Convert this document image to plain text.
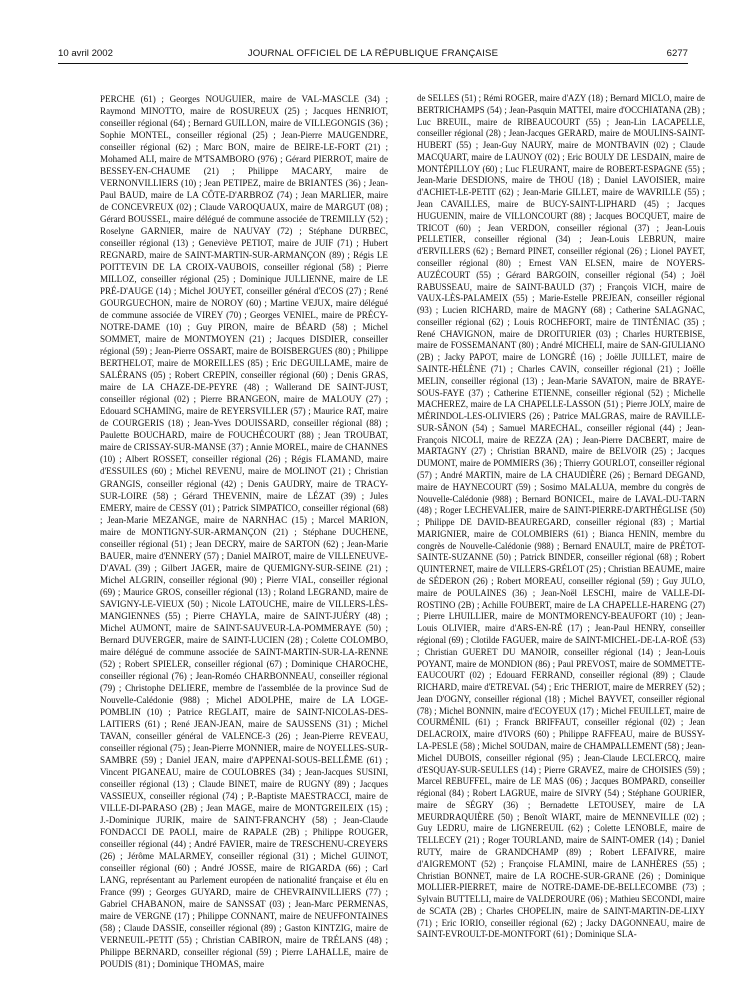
10 avril 2002	JOURNAL OFFICIEL DE LA RÉPUBLIQUE FRANÇAISE	6277

PERCHE (61) ; Georges NOUGUIER, maire de VAL-MASCLE (34) ; Raymond MINOTTO, maire de ROSUREUX (25) ; Jacques HENRIOT, conseiller régional (64) ; Bernard GUILLON, maire de VILLEGONGIS (36) ; Sophie MONTEL, conseiller régional (25) ; Jean-Pierre MAUGENDRE, conseiller régional (62) ; Marc BON, maire de BEIRE-LE-FORT (21) ; Mohamed ALI, maire de M'TSAMBORO (976) ; Gérard PIERROT, maire de BESSEY-EN-CHAUME (21) ; Philippe MACARY, maire de VERNONVILLIERS (10) ; Jean PETIPEZ, maire de BRIANTES (36) ; Jean-Paul BAUD, maire de LA CÔTE-D'ARBROZ (74) ; Jean MARLIER, maire de CONCEVREUX (02) ; Claude VAROQUAUX, maire de MARGUT (08) ; Gérard BOUSSEL, maire délégué de commune associée de TREMILLY (52) ; Roselyne GARNIER, maire de NAUVAY (72) ; Stéphane DURBEC, conseiller régional (13) ; Geneviève PETIOT, maire de JUIF (71) ; Hubert REGNARD, maire de SAINT-MARTIN-SUR-ARMANÇON (89) ; Régis LE POITTEVIN DE LA CROIX-VAUBOIS, conseiller régional (58) ; Pierre MILLOZ, conseiller régional (25) ; Dominique JULLIENNE, maire de LE PRÉ-D'AUGE (14) ; Michel JOUYET, conseiller général d'ECOS (27) ; René GOURGUECHON, maire de NOROY (60) ; Martine VEJUX, maire délégué de commune associée de VIREY (70) ; Georges VENIEL, maire de PRÉCY-NOTRE-DAME (10) ; Guy PIRON, maire de BÉARD (58) ; Michel SOMMET, maire de MONTMOYEN (21) ; Jacques DISDIER, conseiller régional (59) ; Jean-Pierre OSSART, maire de BOISBERGUES (80) ; Philippe BERTHELOT, maire de MOREILLES (85) ; Eric DEGUILLAME, maire de SALÉRANS (05) ; Robert CREPIN, conseiller régional (60) ; Denis GRAS, maire de LA CHAZE-DE-PEYRE (48) ; Wallerand DE SAINT-JUST, conseiller régional (02) ; Pierre BRANGEON, maire de MALOUY (27) ; Edouard SCHAMING, maire de REYERSVILLER (57) ; Maurice RAT, maire de COURGERIS (18) ; Jean-Yves DOUISSARD, conseiller régional (88) ; Paulette BOUCHARD, maire de FOUCHÉCOURT (88) ; Jean TROUBAT, maire de CRISSAY-SUR-MANSE (37) ; Annie MOREL, maire de CHANNES (10) ; Albert ROSSET, conseiller régional (26) ; Régis FLAMAND, maire d'ESSUILES (60) ; Michel REVENU, maire de MOLINOT (21) ; Christian GRANGIS, conseiller régional (42) ; Denis GAUDRY, maire de TRACY-SUR-LOIRE (58) ; Gérard THEVENIN, maire de LÉZAT (39) ; Jules EMERY, maire de CESSY (01) ; Patrick SIMPATICO, conseiller régional (68) ; Jean-Marie MEZANGE, maire de NARNHAC (15) ; Marcel MARION, maire de MONTIGNY-SUR-ARMANÇON (21) ; Stéphane DUCHENE, conseiller régional (51) ; Jean DECRY, maire de SARTON (62) ; Jean-Marie BAUER, maire d'ENNERY (57) ; Daniel MAIROT, maire de VILLENEUVE-D'AVAL (39) ; Gilbert JAGER, maire de QUEMIGNY-SUR-SEINE (21) ; Michel ALGRIN, conseiller régional (90) ; Pierre VIAL, conseiller régional (69) ; Maurice GROS, conseiller régional (13) ; Roland LEGRAND, maire de SAVIGNY-LE-VIEUX (50) ; Nicole LATOUCHE, maire de VILLERS-LÈS-MANGIENNES (55) ; Pierre CHAYLA, maire de SAINT-JUÉRY (48) ; Michel AUMONT, maire de SAINT-SAUVEUR-LA-POMMERAYE (50) ; Bernard DUVERGER, maire de SAINT-LUCIEN (28) ; Colette COLOMBO, maire délégué de commune associée de SAINT-MARTIN-SUR-LA-RENNE (52) ; Robert SPIELER, conseiller régional (67) ; Dominique CHAROCHE, conseiller régional (76) ; Jean-Roméo CHARBONNEAU, conseiller régional (79) ; Christophe DELIERE, membre de l'assemblée de la province Sud de Nouvelle-Calédonie (988) ; Michel ADOLPHE, maire de LA LOGE-POMBLIN (10) ; Patrice REGLAIT, maire de SAINT-NICOLAS-DES-LAITIERS (61) ; René JEAN-JEAN, maire de SAUSSENS (31) ; Michel TAVAN, conseiller général de VALENCE-3 (26) ; Jean-Pierre REVEAU, conseiller régional (75) ; Jean-Pierre MONNIER, maire de NOYELLES-SUR-SAMBRE (59) ; Daniel JEAN, maire d'APPENAI-SOUS-BELLÊME (61) ; Vincent PIGANEAU, maire de COULOBRES (34) ; Jean-Jacques SUSINI, conseiller régional (13) ; Claude BINET, maire de RUGNY (89) ; Jacques VASSIEUX, conseiller régional (74) ; P.-Baptiste MAESTRACCI, maire de VILLE-DI-PARASO (2B) ; Jean MAGE, maire de MONTGREILEIX (15) ; J.-Dominique JURIK, maire de SAINT-FRANCHY (58) ; Jean-Claude FONDACCI DE PAOLI, maire de RAPALE (2B) ; Philippe ROUGER, conseiller régional (44) ; André FAVIER, maire de TRESCHENU-CREYERS (26) ; Jérôme MALARMEY, conseiller régional (31) ; Michel GUINOT, conseiller régional (60) ; André JOSSE, maire de RIGARDA (66) ; Carl LANG, représentant au Parlement européen de nationalité française et élu en France (99) ; Georges GUYARD, maire de CHEVRAINVILLIERS (77) ; Gabriel CHABANON, maire de SANSSAT (03) ; Jean-Marc PERMENAS, maire de VERGNE (17) ; Philippe CONNANT, maire de NEUFFONTAINES (58) ; Claude DASSIE, conseiller régional (89) ; Gaston KINTZIG, maire de VERNEUIL-PETIT (55) ; Christian CABIRON, maire de TRÉLANS (48) ; Philippe BERNARD, conseiller régional (59) ; Pierre LAHALLE, maire de POUDIS (81) ; Dominique THOMAS, maire

de SELLES (51) ; Rémi ROGER, maire d'AZY (18) ; Bernard MICLO, maire de BERTRICHAMPS (54) ; Jean-Pasquin MATTEI, maire d'OCCHIATANA (2B) ; Luc BREUIL, maire de RIBEAUCOURT (55) ; Jean-Lin LACAPELLE, conseiller régional (28) ; Jean-Jacques GERARD, maire de MOULINS-SAINT-HUBERT (55) ; Jean-Guy NAURY, maire de MONTBAVIN (02) ; Claude MACQUART, maire de LAUNOY (02) ; Eric BOULY DE LESDAIN, maire de MONTÉPILLOY (60) ; Luc FLEURANT, maire de ROBERT-ESPAGNE (55) ; Jean-Marie DESDIONS, maire de THOU (18) ; Daniel LAVOISIER, maire d'ACHIET-LE-PETIT (62) ; Jean-Marie GILLET, maire de WAVRILLE (55) ; Jean CAVAILLES, maire de BUCY-SAINT-LIPHARD (45) ; Jacques HUGUENIN, maire de VILLONCOURT (88) ; Jacques BOCQUET, maire de TRICOT (60) ; Jean VERDON, conseiller régional (37) ; Jean-Louis PELLETIER, conseiller régional (34) ; Jean-Louis LEBRUN, maire d'ERVILLERS (62) ; Bernard PINET, conseiller régional (26) ; Lionel PAYET, conseiller régional (80) ; Ernest VAN ELSEN, maire de NOYERS-AUZÉCOURT (55) ; Gérard BARGOIN, conseiller régional (54) ; Joël RABUSSEAU, maire de SAINT-BAULD (37) ; François VICH, maire de VAUX-LÈS-PALAMEIX (55) ; Marie-Estelle PREJEAN, conseiller régional (93) ; Lucien RICHARD, maire de MAGNY (68) ; Catherine SALAGNAC, conseiller régional (62) ; Louis ROCHEFORT, maire de TINTÉNIAC (35) ; René CHAVIGNON, maire de DROITURIER (03) ; Charles HURTEBISE, maire de FOSSEMANANT (80) ; André MICHELI, maire de SAN-GIULIANO (2B) ; Jacky PAPOT, maire de LONGRÉ (16) ; Joëlle JUILLET, maire de SAINTE-HÉLÈNE (71) ; Charles CAVIN, conseiller régional (21) ; Joëlle MELIN, conseiller régional (13) ; Jean-Marie SAVATON, maire de BRAYE-SOUS-FAYE (37) ; Catherine ETIENNE, conseiller régional (52) ; Michelle MACHEREZ, maire de LA CHAPELLE-LASSON (51) ; Pierre JOLY, maire de MÉRINDOL-LES-OLIVIERS (26) ; Patrice MALGRAS, maire de RAVILLE-SUR-SÂNON (54) ; Samuel MARECHAL, conseiller régional (44) ; Jean-François NICOLI, maire de REZZA (2A) ; Jean-Pierre DACBERT, maire de MARTAGNY (27) ; Christian BRAND, maire de BELVOIR (25) ; Jacques DUMONT, maire de POMMIERS (36) ; Thierry GOURLOT, conseiller régional (57) ; André MARTIN, maire de LA CHAUDIÈRE (26) ; Bernard DEGAND, maire de HAYNECOURT (59) ; Sosimo MALALUA, membre du congrès de Nouvelle-Calédonie (988) ; Bernard BONICEL, maire de LAVAL-DU-TARN (48) ; Roger LECHEVALIER, maire de SAINT-PIERRE-D'ARTHÉGLISE (50) ; Philippe DE DAVID-BEAUREGARD, conseiller régional (83) ; Martial MARIGNIER, maire de COLOMBIERS (61) ; Bianca HENIN, membre du congrès de Nouvelle-Calédonie (988) ; Bernard ENAULT, maire de PRÉTOT-SAINTE-SUZANNE (50) ; Patrick BINDER, conseiller régional (68) ; Robert QUINTERNET, maire de VILLERS-GRÉLOT (25) ; Christian BEAUME, maire de SÉDERON (26) ; Robert MOREAU, conseiller régional (59) ; Guy JULO, maire de POULAINES (36) ; Jean-Noël LESCHI, maire de VALLE-DI-ROSTINO (2B) ; Achille FOUBERT, maire de LA CHAPELLE-HARENG (27) ; Pierre LHUILLIER, maire de MONTMORENCY-BEAUFORT (10) ; Jean-Louis OLIVIER, maire d'ARS-EN-RÉ (17) ; Jean-Paul HENRY, conseiller régional (69) ; Clotilde FAGUER, maire de SAINT-MICHEL-DE-LA-ROË (53) ; Christian GUERET DU MANOIR, conseiller régional (14) ; Jean-Louis POYANT, maire de MONDION (86) ; Paul PREVOST, maire de SOMMETTE-EAUCOURT (02) ; Edouard FERRAND, conseiller régional (89) ; Claude RICHARD, maire d'ETREVAL (54) ; Eric THERIOT, maire de MERREY (52) ; Jean D'OGNY, conseiller régional (18) ; Michel BAYVET, conseiller régional (78) ; Michel BONNIN, maire d'ECOYEUX (17) ; Michel FEUILLET, maire de COURMÉNIL (61) ; Franck BRIFFAUT, conseiller régional (02) ; Jean DELACROIX, maire d'IVORS (60) ; Philippe RAFFEAU, maire de BUSSY-LA-PESLE (58) ; Michel SOUDAN, maire de CHAMPALLEMENT (58) ; Jean-Michel DUBOIS, conseiller régional (95) ; Jean-Claude LECLERCQ, maire d'ESQUAY-SUR-SEULLES (14) ; Pierre GRAVEZ, maire de CHOISIES (59) ; Marcel REBUFFEL, maire de LE MAS (06) ; Jacques BOMPARD, conseiller régional (84) ; Robert LAGRUE, maire de SIVRY (54) ; Stéphane GOURIER, maire de SÉGRY (36) ; Bernadette LETOUSEY, maire de LA MEURDRAQUIÈRE (50) ; Benoît WIART, maire de MENNEVILLE (02) ; Guy LEDRU, maire de LIGNEREUIL (62) ; Colette LENOBLE, maire de TELLECEY (21) ; Roger TOURLAND, maire de SAINT-OMER (14) ; Daniel RUTY, maire de GRANDCHAMP (89) ; Robert LEFAIVRE, maire d'AIGREMONT (52) ; Françoise FLAMINI, maire de LANHÈRES (55) ; Christian BONNET, maire de LA ROCHE-SUR-GRANE (26) ; Dominique MOLLIER-PIERRET, maire de NOTRE-DAME-DE-BELLECOMBE (73) ; Sylvain BUTTELLI, maire de VALDEROURE (06) ; Mathieu SECONDI, maire de SCATA (2B) ; Charles CHOPELIN, maire de SAINT-MARTIN-DE-LIXY (71) ; Eric IORIO, conseiller régional (62) ; Jacky DAGONNEAU, maire de SAINT-EVROULT-DE-MONTFORT (61) ; Dominique SLA-
